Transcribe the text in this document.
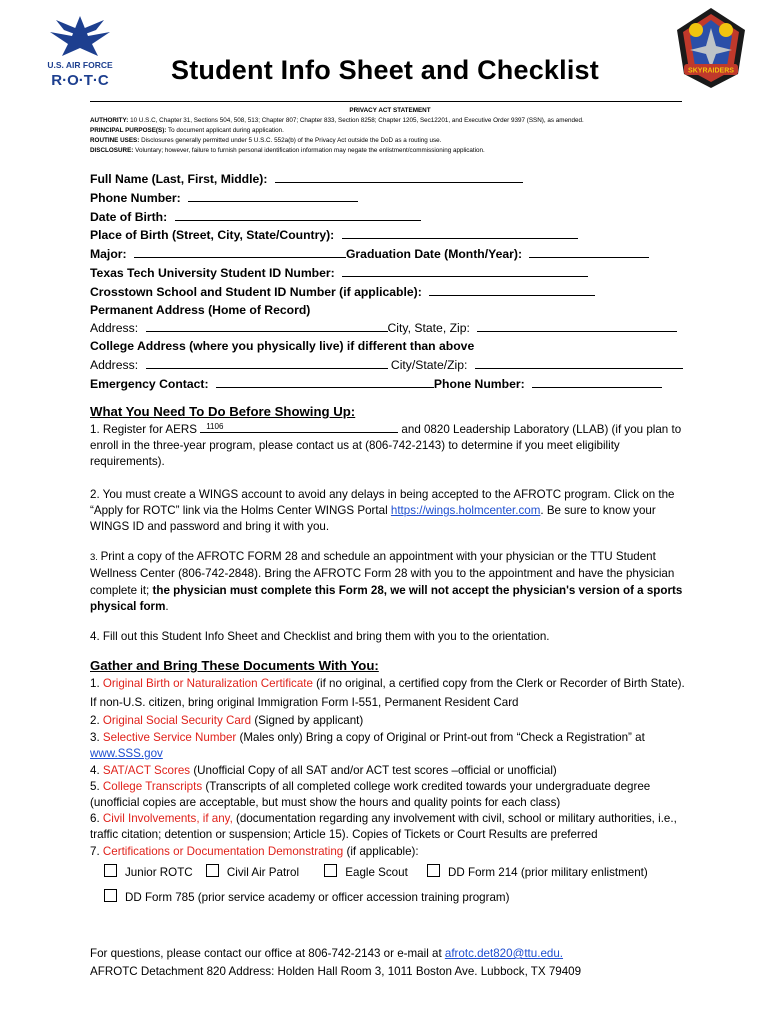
U.S. AIR FORCE
R·O·T·C
SKYRAIDERS
Student Info Sheet and Checklist
PRIVACY ACT STATEMENT
AUTHORITY: 10 U.S.C, Chapter 31, Sections 504, 508, 513; Chapter 807; Chapter 833, Section 8258; Chapter 1205, Sec12201, and Executive Order 9397 (SSN), as amended.
PRINCIPAL PURPOSE(S): To document applicant during application.
ROUTINE USES: Disclosures generally permitted under 5 U.S.C. 552a(b) of the Privacy Act outside the DoD as a routing use.
DISCLOSURE: Voluntary; however, failure to furnish personal identification information may negate the enlistment/commissioning application.
Full Name (Last, First, Middle):
Phone Number:
Date of Birth:
Place of Birth (Street, City, State/Country):
Major:	Graduation Date (Month/Year):
Texas Tech University Student ID Number:
Crosstown School and Student ID Number (if applicable):
Permanent Address (Home of Record)
Address:	City, State, Zip:
College Address (where you physically live) if different than above
Address:	City/State/Zip:
Emergency Contact:	Phone Number:
What You Need To Do Before Showing Up:
1. Register for AERS 1106	and 0820 Leadership Laboratory (LLAB) (if you plan to enroll in the three-year program, please contact us at (806-742-2143) to determine if you meet eligibility requirements).
2. You must create a WINGS account to avoid any delays in being accepted to the AFROTC program. Click on the “Apply for ROTC” link via the Holms Center WINGS Portal https://wings.holmcenter.com. Be sure to know your WINGS ID and password and bring it with you.
3. Print a copy of the AFROTC FORM 28 and schedule an appointment with your physician or the TTU Student Wellness Center (806-742-2848). Bring the AFROTC Form 28 with you to the appointment and have the physician complete it; the physician must complete this Form 28, we will not accept the physician's version of a sports physical form.
4. Fill out this Student Info Sheet and Checklist and bring them with you to the orientation.
Gather and Bring These Documents With You:
1. Original Birth or Naturalization Certificate (if no original, a certified copy from the Clerk or Recorder of Birth State). If non-U.S. citizen, bring original Immigration Form I-551, Permanent Resident Card
2. Original Social Security Card (Signed by applicant)
3. Selective Service Number (Males only) Bring a copy of Original or Print-out from “Check a Registration” at www.SSS.gov
4. SAT/ACT Scores (Unofficial Copy of all SAT and/or ACT test scores –official or unofficial)
5. College Transcripts (Transcripts of all completed college work credited towards your undergraduate degree (unofficial copies are acceptable, but must show the hours and quality points for each class)
6. Civil Involvements, if any, (documentation regarding any involvement with civil, school or military authorities, i.e., traffic citation; detention or suspension; Article 15). Copies of Tickets or Court Results are preferred
7. Certifications or Documentation Demonstrating (if applicable):
Junior ROTC	Civil Air Patrol	Eagle Scout	DD Form 214 (prior military enlistment)
DD Form 785 (prior service academy or officer accession training program)
For questions, please contact our office at 806-742-2143 or e-mail at afrotc.det820@ttu.edu.
AFROTC Detachment 820 Address: Holden Hall Room 3, 1011 Boston Ave. Lubbock, TX 79409
